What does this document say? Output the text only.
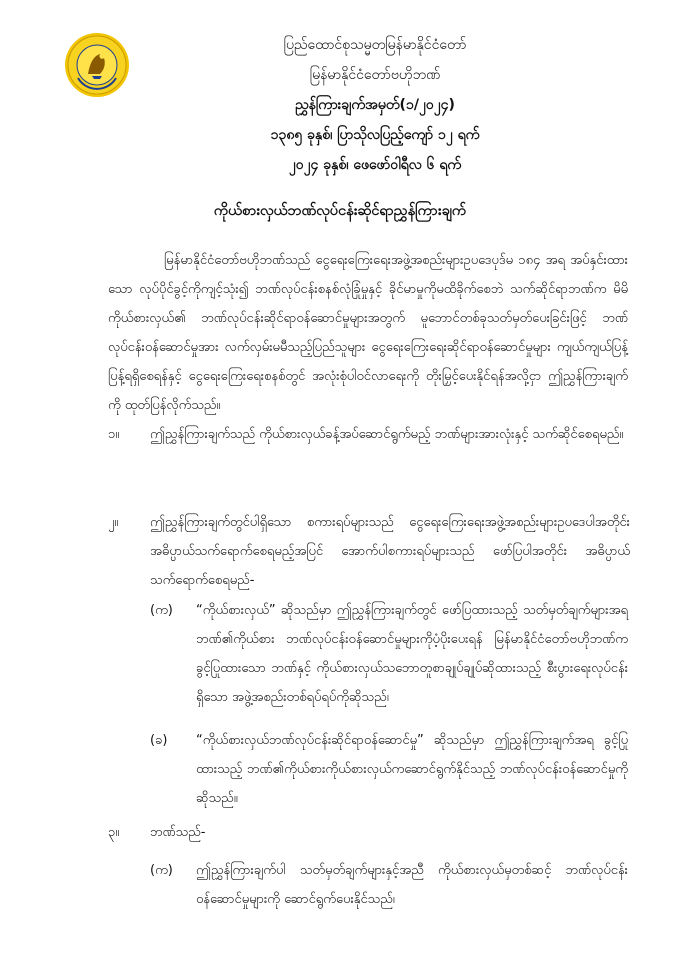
ပြည်ထောင်စုသမ္မတမြန်မာနိုင်ငံတော်
မြန်မာနိုင်ငံတော်ဗဟိုဘဏ်
ညွှန်ကြားချက်အမှတ်(၁/၂၀၂၄)
၁၃၈၅ ခုနှစ်၊ ပြာသိုလပြည့်ကျော် ၁၂ ရက်
၂၀၂၄ ခုနှစ်၊ ဖေဖော်ဝါရီလ ၆ ရက်
ကိုယ်စားလှယ်ဘဏ်လုပ်ငန်းဆိုင်ရာညွှန်ကြားချက်

မြန်မာနိုင်ငံတော်ဗဟိုဘဏ်သည် ငွေရေးကြေးရေးအဖွဲ့အစည်းများဥပဒေပုဒ်မ ၁၈၄ အရ အပ်နှင်းထားသော လုပ်ပိုင်ခွင့်ကိုကျင့်သုံး၍ ဘဏ်လုပ်ငန်းစနစ်လုံခြုံမှုနှင့် ခိုင်မာမှုကိုမထိခိုက်စေဘဲ သက်ဆိုင်ရာဘဏ်က မိမိကိုယ်စားလှယ်၏ ဘဏ်လုပ်ငန်းဆိုင်ရာဝန်ဆောင်မှုများအတွက် မူဘောင်တစ်ခုသတ်မှတ်ပေးခြင်းဖြင့် ဘဏ်လုပ်ငန်းဝန်ဆောင်မှုအား လက်လှမ်းမမီသည့်ပြည်သူများ ငွေရေးကြေးရေးဆိုင်ရာဝန်ဆောင်မှုများ ကျယ်ကျယ်ပြန့်ပြန့်ရရှိစေရန်နှင့် ငွေရေးကြေးရေးစနစ်တွင် အလုံးစုံပါဝင်လာရေးကို တိုးမြှင့်ပေးနိုင်ရန်အလို့ငှာ ဤညွှန်ကြားချက်ကို ထုတ်ပြန်လိုက်သည်။

၁။	ဤညွှန်ကြားချက်သည် ကိုယ်စားလှယ်ခန့်အပ်ဆောင်ရွက်မည့် ဘဏ်များအားလုံးနှင့် သက်ဆိုင်စေရမည်။

၂။	ဤညွှန်ကြားချက်တွင်ပါရှိသော စကားရပ်များသည် ငွေရေးကြေးရေးအဖွဲ့အစည်းများဥပဒေပါအတိုင်း အဓိပ္ပာယ်သက်ရောက်စေရမည့်အပြင် အောက်ပါစကားရပ်များသည် ဖော်ပြပါအတိုင်း အဓိပ္ပာယ်သက်ရောက်စေရမည်-

(က)	“ကိုယ်စားလှယ်” ဆိုသည်မှာ ဤညွှန်ကြားချက်တွင် ဖော်ပြထားသည့် သတ်မှတ်ချက်များအရ ဘဏ်၏ကိုယ်စား ဘဏ်လုပ်ငန်းဝန်ဆောင်မှုများကိုပံ့ပိုးပေးရန် မြန်မာနိုင်ငံတော်ဗဟိုဘဏ်က ခွင့်ပြုထားသော ဘဏ်နှင့် ကိုယ်စားလှယ်သဘောတူစာချုပ်ချုပ်ဆိုထားသည့် စီးပွားရေးလုပ်ငန်းရှိသော အဖွဲ့အစည်းတစ်ရပ်ရပ်ကိုဆိုသည်၊

(ခ)	“ကိုယ်စားလှယ်ဘဏ်လုပ်ငန်းဆိုင်ရာဝန်ဆောင်မှု” ဆိုသည်မှာ ဤညွှန်ကြားချက်အရ ခွင့်ပြုထားသည့် ဘဏ်၏ကိုယ်စားကိုယ်စားလှယ်ကဆောင်ရွက်နိုင်သည့် ဘဏ်လုပ်ငန်းဝန်ဆောင်မှုကိုဆိုသည်။

၃။	ဘဏ်သည်-

(က)	ဤညွှန်ကြားချက်ပါ သတ်မှတ်ချက်များနှင့်အညီ ကိုယ်စားလှယ်မှတစ်ဆင့် ဘဏ်လုပ်ငန်းဝန်ဆောင်မှုများကို ဆောင်ရွက်ပေးနိုင်သည်၊
